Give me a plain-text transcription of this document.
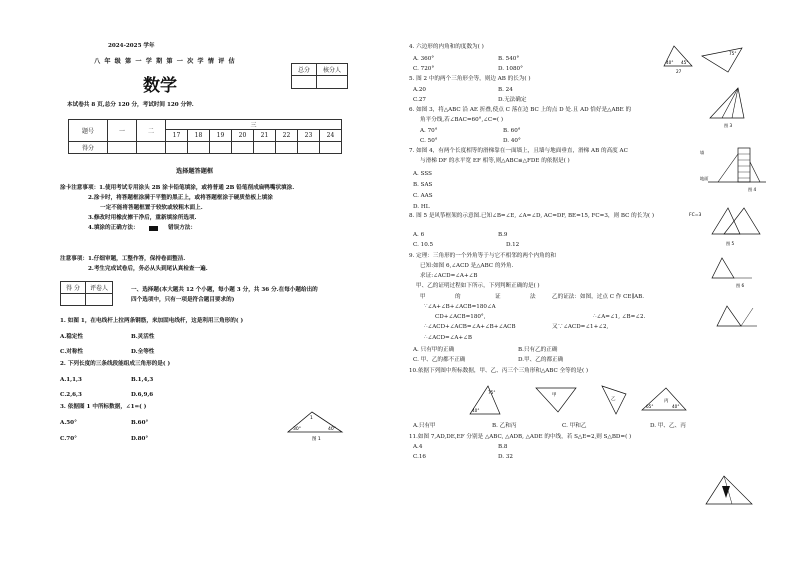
2024-2025 学年
八 年 级 第 一 学 期 第 一 次 学 情 评 估
总分	核分人

数学
本试卷共 8 页,总分 120 分，考试时间 120 分钟.
题号	一	二	三							
			17	18	19	20	21	22	23	24
得分										
选择题答题框
涂卡注意事项：1.使用考试专用涂头 2B 涂卡铅笔填涂，或将普通 2B 铅笔削成扁鸭嘴状填涂.
2.涂卡时，将答题框涂满于平整的黑正上，或将答题框涂于硬质垫板上填涂
一定不能将答题框置于较软或较粗木面上.
3.修改时用橡皮擦干净后，重新填涂所选项.
4.填涂的正确方法：	错误方法：
注意事项：1.仔细审题，工整作答，保持卷面整洁.
2.考生完成试卷后，务必从头到尾认真检查一遍.
得 分	评卷人
		一、选择题(本大题共 12 个小题，每小题 3 分，共 36 分.在每小题给出的
四个选项中，只有一项是符合题目要求的)
1. 如图 1，在电线杆上拉两条钢筋，来加固电线杆，这是利用三角形的( )
A.稳定性	B.灵活性
C.对称性	D.全等性
2. 下列长度的三条线段能组成三角形的是( )
A.1,1,3	B.1,4,3
C.2,6,3	D.6,9,6
3. 依据图 1 中所标数据，∠1=( )
A.50°	B.60°
C.70°	D.80°
30°	40°
1
图 1
4. 六边形的内角和的度数为( )
A. 360°	B. 540°
C. 720°	D. 1080°
5. 图 2 中的两个三角形全等，则边 AB 的长为( )
A.20	B. 24
C.27	D.无法确定
6. 如图 3，将△ABC 沿 AE 折叠,使点 C 落在边 BC 上的点 D 处.且 AD 恰好是△ABE 的
角平分线,若∠BAC=60°,∠C=( )
A. 70°	B. 60°
C. 50°	D. 40°
7. 如图 4，有两个长度相等的滑梯靠在一面墙上，且墙与地面垂直，滑梯 AB 的高度 AC
与滑梯 DF 的水平宽 EF 相等,则△ABC≌△FDE 的依据是( )
A. SSS
B. SAS
C. AAS
D. HL
8. 图 5 是风筝框架的示意图.已知∠B=∠E, ∠A=∠D, AC=DF, BE=15, FC=3，则 BC 的长为( )
A. 6	B.9
C. 10.5	D.12
9. 定理：三角形的一个外角等于与它不相邻的两个内角的和
已知:如图 6,∠ACD 是△ABC 的外角.
求证:∠ACD=∠A+∠B
甲、乙的证明过程如下所示，下列判断正确的是( )
甲	的	证	法	乙的证法：如图，过点 C 作 CE∥AB.
∵∠A+∠B+∠ACB=180∠A
CD+∠ACB=180°,
∴∠ACD+∠ACB=∠A+∠B+∠ACB
∴∠ACD=∠A+∠B
∴∠A=∠1, ∠B=∠2.
又∵∠ACD=∠1+∠2,
A. 只有甲的正确	B.只有乙的正确
C. 甲、乙的都不正确	D.甲、乙的都正确
10.依据下列图中所标数据，甲、乙、丙三个三角形和△ABC 全等的是( )
A.只有甲	B. 乙和丙	C. 甲和乙	D. 甲、乙、丙
11.如图 7,AD,DE,EF 分别是 △ABC, △ADB, △ADE 的中线，若 S△E=2,则 S△BD=( )
A.4	B.8
C.16	D. 32
40° 45°
27
75°
图 3
墙
地面
图 4
FC=3
图 5
图 6
75°
40°
甲
乙
65°	40°
丙
